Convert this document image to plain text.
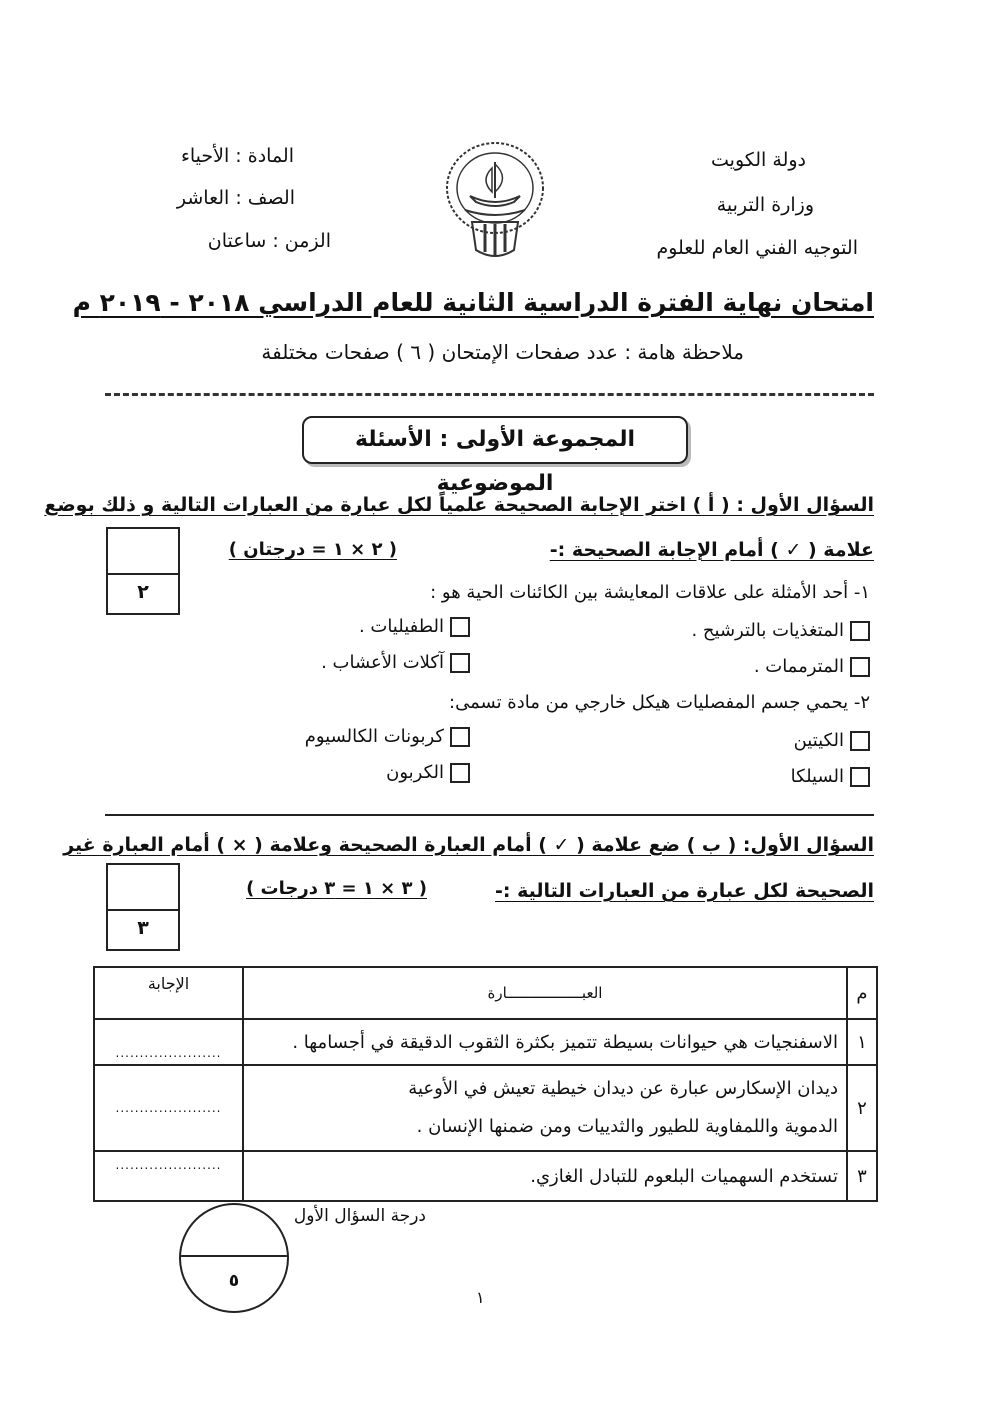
دولة الكويت
وزارة التربية
التوجيه الفني العام للعلوم
المادة : الأحياء
الصف : العاشر
الزمن : ساعتان
امتحان نهاية الفترة الدراسية الثانية للعام الدراسي ٢٠١٨ - ٢٠١٩ م
ملاحظة هامة : عدد صفحات الإمتحان ( ٦ ) صفحات مختلفة
المجموعة الأولى : الأسئلة الموضوعية
السؤال الأول : ( أ ) اختر الإجابة الصحيحة علمياً لكل عبارة من العبارات التالية و ذلك بوضع
علامة ( ✓ ) أمام الإجابة الصحيحة :-
( ٢ × ١ = درجتان )
٢	١- أحد الأمثلة على علاقات المعايشة بين الكائنات الحية هو :
المتغذيات بالترشيح .
الطفيليات .
المترممات .
آكلات الأعشاب .
٢- يحمي جسم المفصليات هيكل خارجي من مادة تسمى:
الكيتين
كربونات الكالسيوم
السيلكا
الكربون
السؤال الأول: ( ب ) ضع علامة ( ✓ ) أمام العبارة الصحيحة وعلامة ( × ) أمام العبارة غير
الصحيحة لكل عبارة من العبارات التالية :-
( ٣ × ١ = ٣ درجات )
٣
م	العبـــــــــــــــــارة	الإجابة
١	الاسفنجيات هي حيوانات بسيطة تتميز بكثرة الثقوب الدقيقة في أجسامها .	......................
٢	ديدان الإسكارس عبارة عن ديدان خيطية تعيش في الأوعية الدموية واللمفاوية للطيور والثدييات ومن ضمنها الإنسان .	......................
٣	تستخدم السهميات البلعوم للتبادل الغازي.	......................
درجة السؤال الأول
٥
١
